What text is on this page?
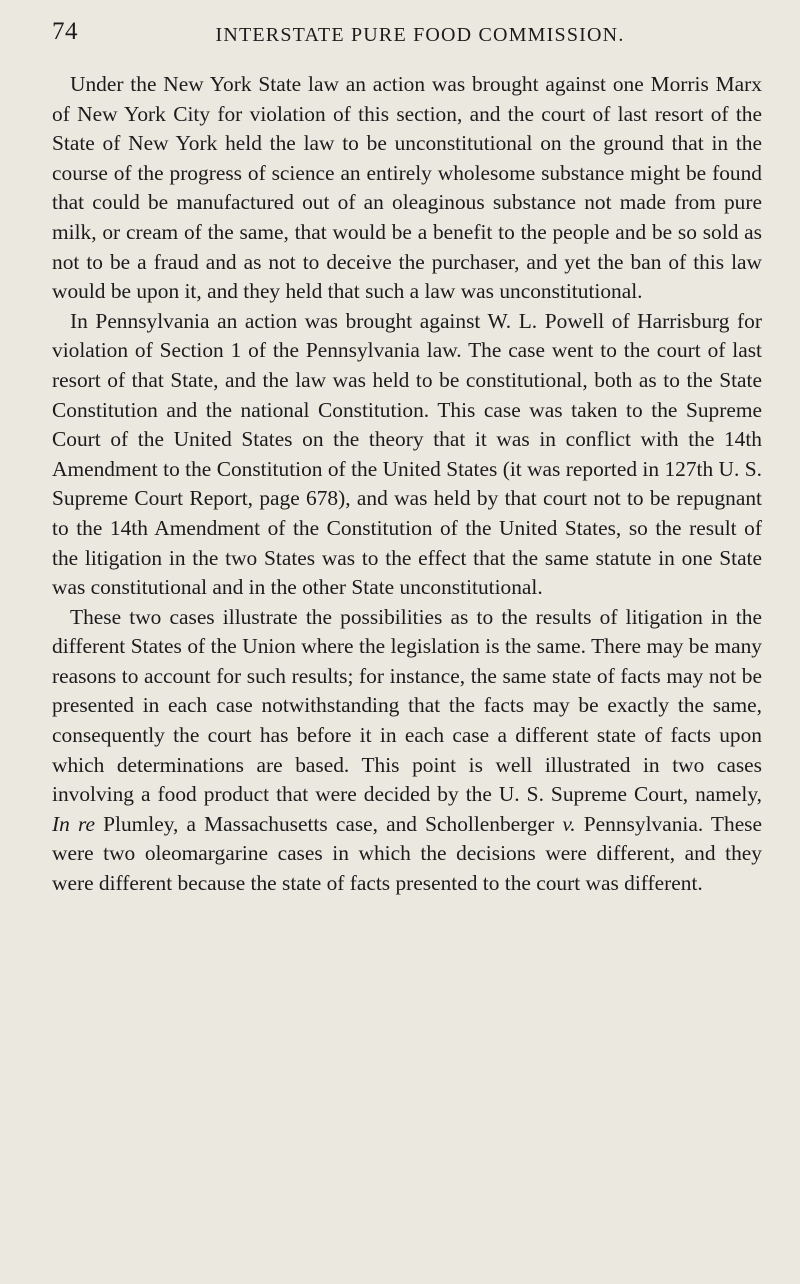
74	INTERSTATE PURE FOOD COMMISSION.

Under the New York State law an action was brought against one Morris Marx of New York City for violation of this section, and the court of last resort of the State of New York held the law to be unconstitutional on the ground that in the course of the progress of science an entirely wholesome substance might be found that could be manufactured out of an oleaginous substance not made from pure milk, or cream of the same, that would be a benefit to the people and be so sold as not to be a fraud and as not to deceive the purchaser, and yet the ban of this law would be upon it, and they held that such a law was unconstitutional.

In Pennsylvania an action was brought against W. L. Powell of Harrisburg for violation of Section 1 of the Pennsylvania law. The case went to the court of last resort of that State, and the law was held to be constitutional, both as to the State Constitution and the national Constitution. This case was taken to the Supreme Court of the United States on the theory that it was in conflict with the 14th Amendment to the Constitution of the United States (it was reported in 127th U. S. Supreme Court Report, page 678), and was held by that court not to be repugnant to the 14th Amendment of the Constitution of the United States, so the result of the litigation in the two States was to the effect that the same statute in one State was constitutional and in the other State unconstitutional.

These two cases illustrate the possibilities as to the results of litigation in the different States of the Union where the legislation is the same. There may be many reasons to account for such results; for instance, the same state of facts may not be presented in each case notwithstanding that the facts may be exactly the same, consequently the court has before it in each case a different state of facts upon which determinations are based. This point is well illustrated in two cases involving a food product that were decided by the U. S. Supreme Court, namely, In re Plumley, a Massachusetts case, and Schollenberger v. Pennsylvania. These were two oleomargarine cases in which the decisions were different, and they were different because the state of facts presented to the court was different.
